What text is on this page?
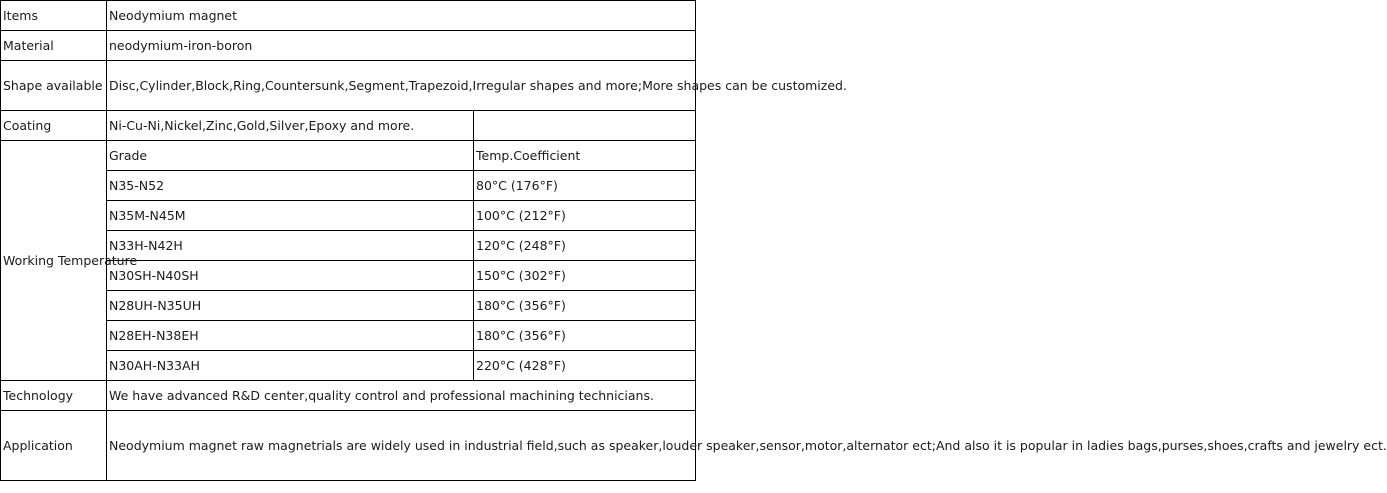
Items	Neodymium magnet	
Material	neodymium-iron-boron	
Shape available	Disc,Cylinder,Block,Ring,Countersunk,Segment,Trapezoid,Irregular shapes and more;More shapes can be customized.	
Coating	Ni-Cu-Ni,Nickel,Zinc,Gold,Silver,Epoxy and more.	
Working Temperature	Grade	Temp.Coefficient
	N35-N52	80°C (176°F)
	N35M-N45M	100°C (212°F)
	N33H-N42H	120°C (248°F)
	N30SH-N40SH	150°C (302°F)
	N28UH-N35UH	180°C (356°F)
	N28EH-N38EH	180°C (356°F)
	N30AH-N33AH	220°C (428°F)
Technology	We have advanced R&D center,quality control and professional machining technicians.	
Application	Neodymium magnet raw magnetrials are widely used in industrial field,such as speaker,louder speaker,sensor,motor,alternator ect;And also it is popular in ladies bags,purses,shoes,crafts and jewelry ect.	
